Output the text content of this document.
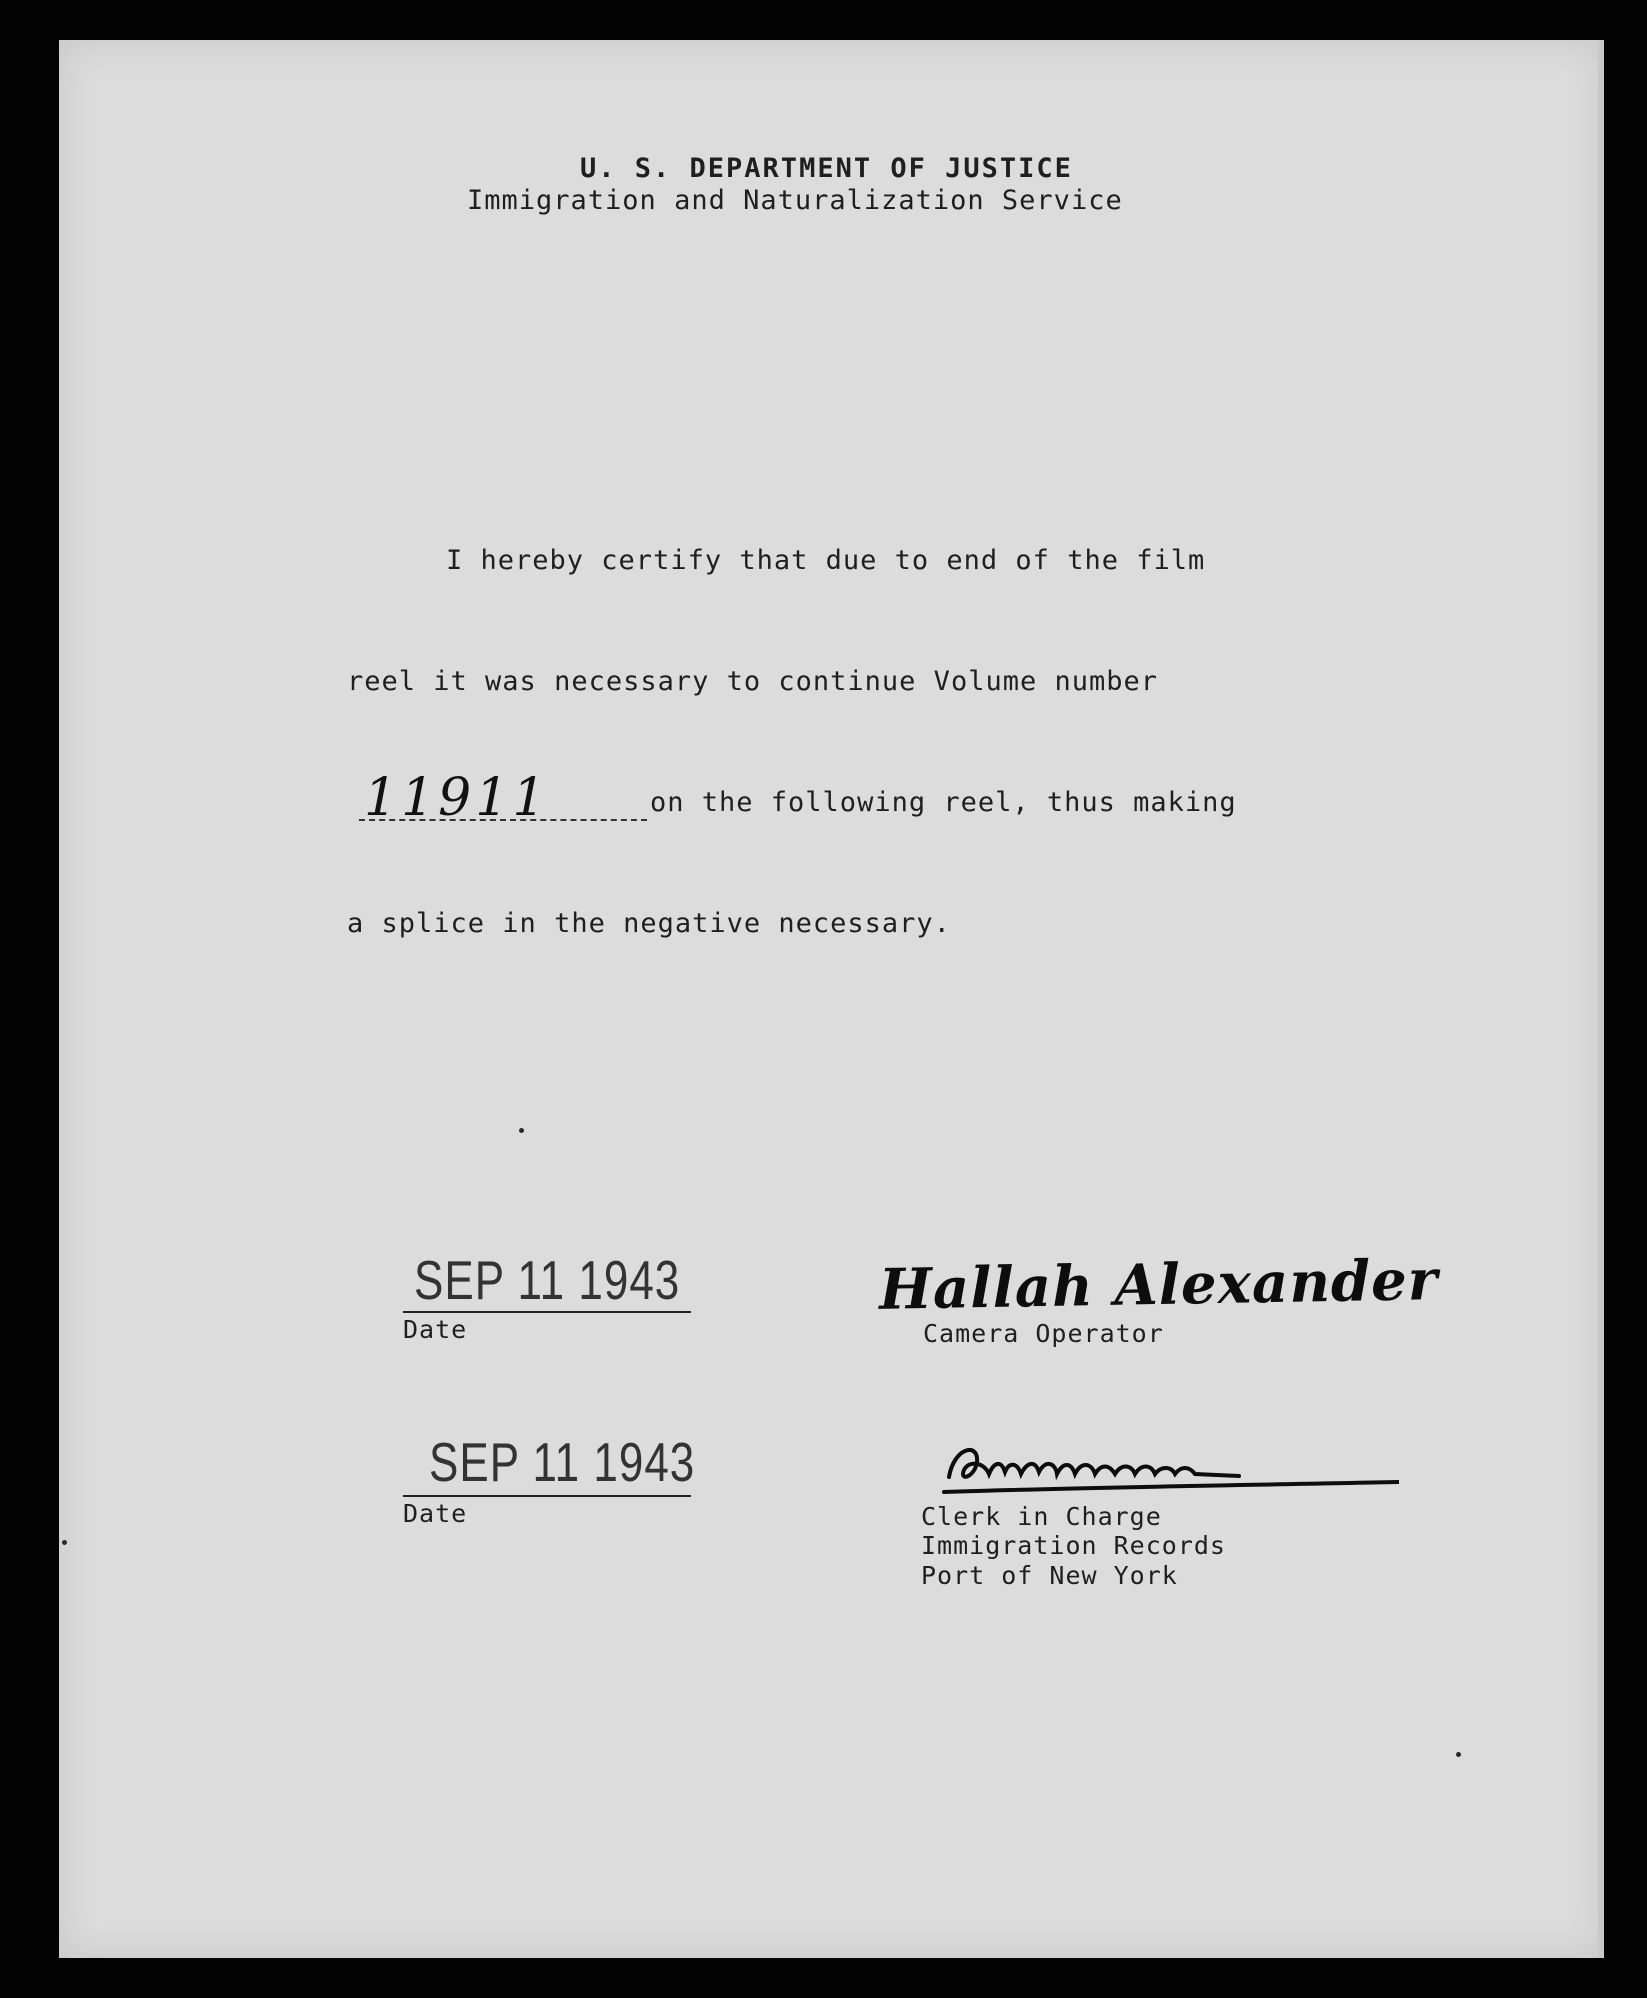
U. S. DEPARTMENT OF JUSTICE
Immigration and Naturalization Service
I hereby certify that due to end of the film
reel it was necessary to continue Volume number
11911	on the following reel, thus making
a splice in the negative necessary.
SEP 11 1943
Date
Hallah Alexander
Camera Operator
SEP 11 1943
Date	Clerk in Charge
Immigration Records
Port of New York
